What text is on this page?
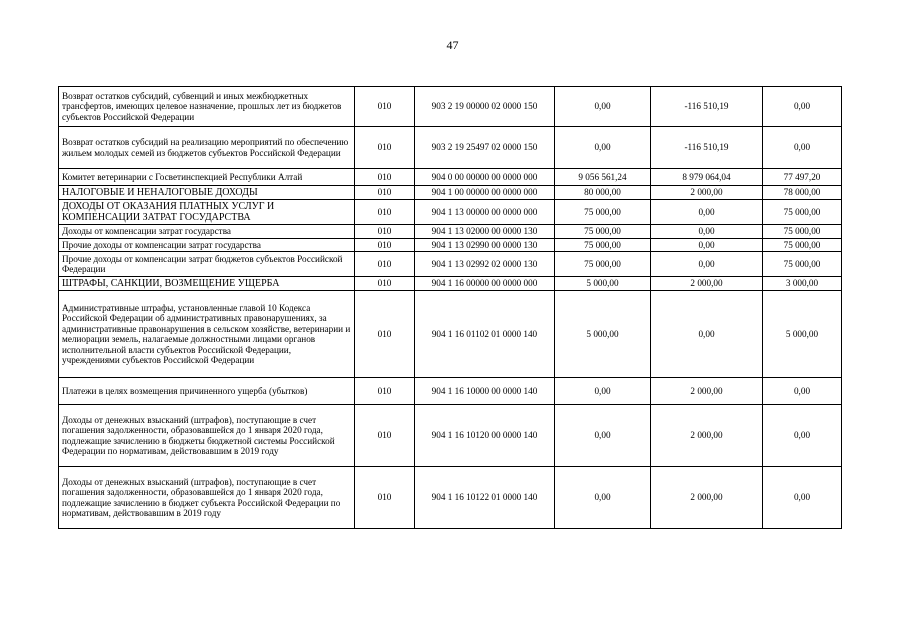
47
Возврат остатков субсидий, субвенций и иных межбюджетных трансфертов, имеющих целевое назначение, прошлых лет из бюджетов субъектов Российской Федерации	010	903 2 19 00000 02 0000 150	0,00	-116 510,19	0,00
Возврат остатков субсидий на реализацию мероприятий по обеспечению жильем молодых семей из бюджетов субъектов Российской Федерации	010	903 2 19 25497 02 0000 150	0,00	-116 510,19	0,00
Комитет ветеринарии с Госветинспекцией Республики Алтай	010	904 0 00 00000 00 0000 000	9 056 561,24	8 979 064,04	77 497,20
НАЛОГОВЫЕ И НЕНАЛОГОВЫЕ ДОХОДЫ	010	904 1 00 00000 00 0000 000	80 000,00	2 000,00	78 000,00
ДОХОДЫ ОТ ОКАЗАНИЯ ПЛАТНЫХ УСЛУГ И КОМПЕНСАЦИИ ЗАТРАТ ГОСУДАРСТВА	010	904 1 13 00000 00 0000 000	75 000,00	0,00	75 000,00
Доходы от компенсации затрат государства	010	904 1 13 02000 00 0000 130	75 000,00	0,00	75 000,00
Прочие доходы от компенсации затрат государства	010	904 1 13 02990 00 0000 130	75 000,00	0,00	75 000,00
Прочие доходы от компенсации затрат бюджетов субъектов Российской Федерации	010	904 1 13 02992 02 0000 130	75 000,00	0,00	75 000,00
ШТРАФЫ, САНКЦИИ, ВОЗМЕЩЕНИЕ УЩЕРБА	010	904 1 16 00000 00 0000 000	5 000,00	2 000,00	3 000,00
Административные штрафы, установленные главой 10 Кодекса Российской Федерации об административных правонарушениях, за административные правонарушения в сельском хозяйстве, ветеринарии и мелиорации земель, налагаемые должностными лицами органов исполнительной власти субъектов Российской Федерации, учреждениями субъектов Российской Федерации	010	904 1 16 01102 01 0000 140	5 000,00	0,00	5 000,00
Платежи в целях возмещения причиненного ущерба (убытков)	010	904 1 16 10000 00 0000 140	0,00	2 000,00	0,00
Доходы от денежных взысканий (штрафов), поступающие в счет погашения задолженности, образовавшейся до 1 января 2020 года, подлежащие зачислению в бюджеты бюджетной системы Российской Федерации по нормативам, действовавшим в 2019 году	010	904 1 16 10120 00 0000 140	0,00	2 000,00	0,00
Доходы от денежных взысканий (штрафов), поступающие в счет погашения задолженности, образовавшейся до 1 января 2020 года, подлежащие зачислению в бюджет субъекта Российской Федерации по нормативам, действовавшим в 2019 году	010	904 1 16 10122 01 0000 140	0,00	2 000,00	0,00
